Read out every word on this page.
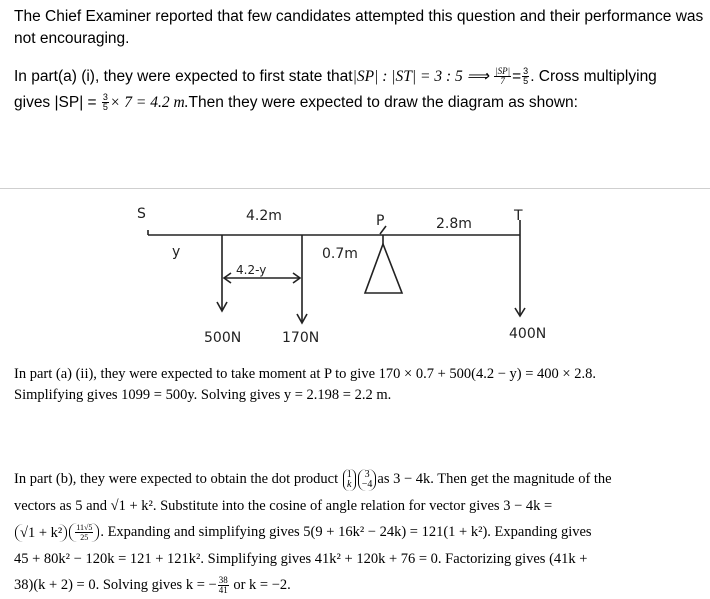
The Chief Examiner reported that few candidates attempted this question and their performance was not encouraging.
In part(a) (i), they were expected to first state that|SP| : |ST| = 3 : 5 ⟹ $\frac{|SP|}{7} = \frac{3}{5}$ . Cross multiplying
gives $|SP| = \frac{3}{5} \times 7 = 4.2$ m.Then they were expected to draw the diagram as shown:
S	T
P
y
4.2m	2.8m
0.7m
4.2-y
500N	170N	400N
In part (a) (ii), they were expected to take moment at P to give 170 × 0.7 + 500(4.2 − y) = 400 × 2.8.
Simplifying gives 1099 = 500y. Solving gives y = 2.198 = 2.2 m.
In part (b), they were expected to obtain the dot product 1
k
3
−4 as 3 − 4k. Then get the magnitude of the
vectors as 5 and √1 + k². Substitute into the cosine of angle relation for vector gives 3 − 4k =
$√1 + k^2 \frac{11√5}{25}$ . Expanding and simplifying gives 5(9 + 16k² − 24k) = 121(1 + k²). Expanding gives
45 + 80k² − 120k = 121 + 121k². Simplifying gives 41k² + 120k + 76 = 0. Factorizing gives (41k +
38)(k + 2) = 0. Solving gives k = − $\frac{38}{41}$ or k = −2.
